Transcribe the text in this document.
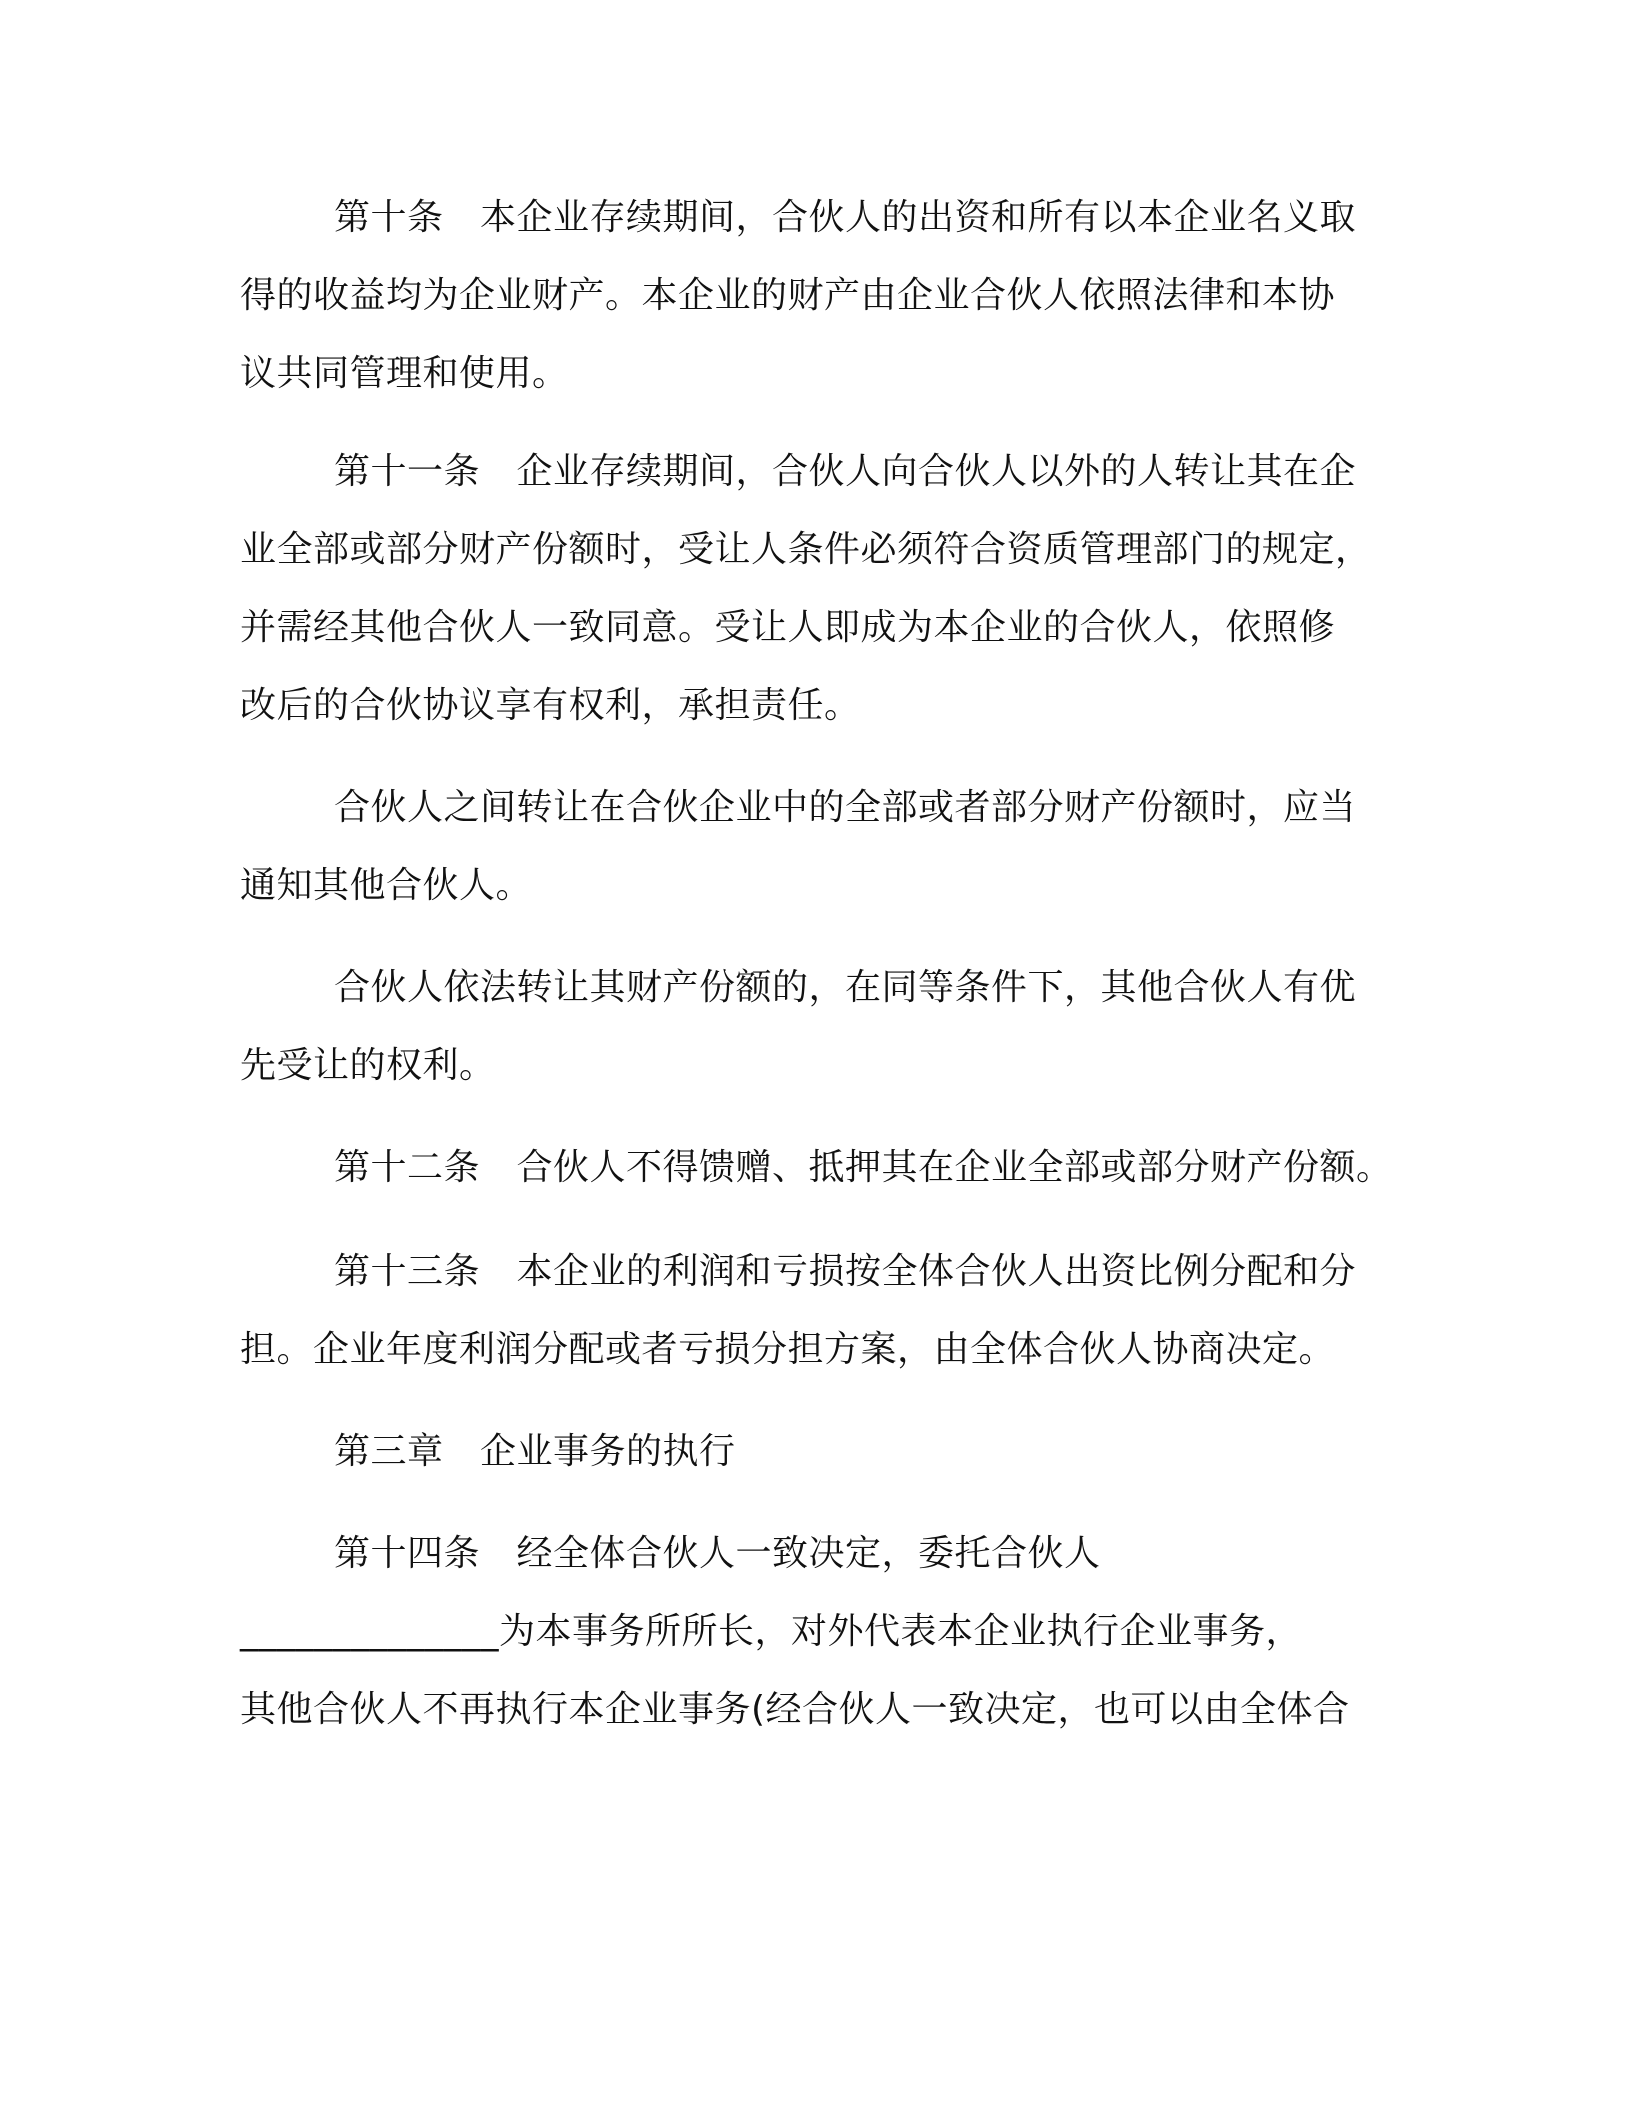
第十条　本企业存续期间，合伙人的出资和所有以本企业名义取
得的收益均为企业财产。本企业的财产由企业合伙人依照法律和本协
议共同管理和使用。
第十一条　企业存续期间，合伙人向合伙人以外的人转让其在企
业全部或部分财产份额时，受让人条件必须符合资质管理部门的规定，
并需经其他合伙人一致同意。受让人即成为本企业的合伙人，依照修
改后的合伙协议享有权利，承担责任。
合伙人之间转让在合伙企业中的全部或者部分财产份额时，应当
通知其他合伙人。
合伙人依法转让其财产份额的，在同等条件下，其他合伙人有优
先受让的权利。
第十二条　合伙人不得馈赠、抵押其在企业全部或部分财产份额。
第十三条　本企业的利润和亏损按全体合伙人出资比例分配和分
担。企业年度利润分配或者亏损分担方案，由全体合伙人协商决定。
第三章　企业事务的执行
第十四条　经全体合伙人一致决定，委托合伙人
______________为本事务所所长，对外代表本企业执行企业事务，
其他合伙人不再执行本企业事务(经合伙人一致决定，也可以由全体合
